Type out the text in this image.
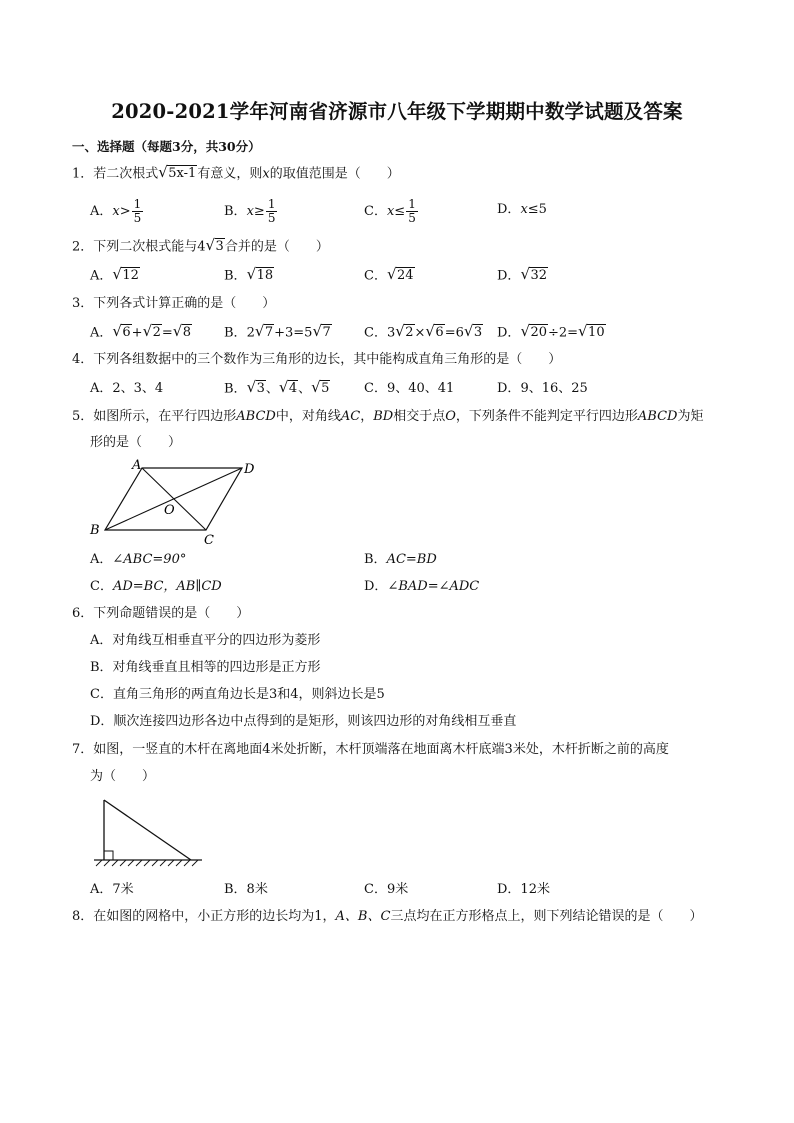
2020-2021学年河南省济源市八年级下学期期中数学试题及答案
一、选择题（每题3分，共30分）
1．若二次根式 √ 5x-1有意义，则x的取值范围是（　　）
A．$x> \frac{1}{5}$	B．$x\ge \frac{1}{5}$	C．$x\le \frac{1}{5}$	D．x≤5
2．下列二次根式能与4 √ 3合并的是（　　）
A． √ 12	B． √ 18	C． √ 24	D． √ 32
3．下列各式计算正确的是（　　）
A． √ 6+ √ 2= √ 8	B．2 √ 7+3=5 √ 7	C．3 √ 2× √ 6=6 √ 3 D． √ 20÷2= √ 10
4．下列各组数据中的三个数作为三角形的边长，其中能构成直角三角形的是（　　）
A．2、3、4	B． √ 3、 √ 4、 √ 5	C．9、40、41	D．9、16、25
5．如图所示，在平行四边形ABCD中，对角线AC，BD相交于点O，下列条件不能判定平行四边形ABCD为矩
形的是（　　）
A	D
B
C
O
A．∠ABC=90°	B．AC=BD
C．AD=BC，AB∥CD	D．∠BAD=∠ADC
6．下列命题错误的是（　　）
A．对角线互相垂直平分的四边形为菱形
B．对角线垂直且相等的四边形是正方形
C．直角三角形的两直角边长是3和4，则斜边长是5
D．顺次连接四边形各边中点得到的是矩形，则该四边形的对角线相互垂直
7．如图，一竖直的木杆在离地面4米处折断，木杆顶端落在地面离木杆底端3米处，木杆折断之前的高度
为（　　）
A．7米	B．8米	C．9米	D．12米
8．在如图的网格中，小正方形的边长均为1，A、B、C三点均在正方形格点上，则下列结论错误的是（　　）
